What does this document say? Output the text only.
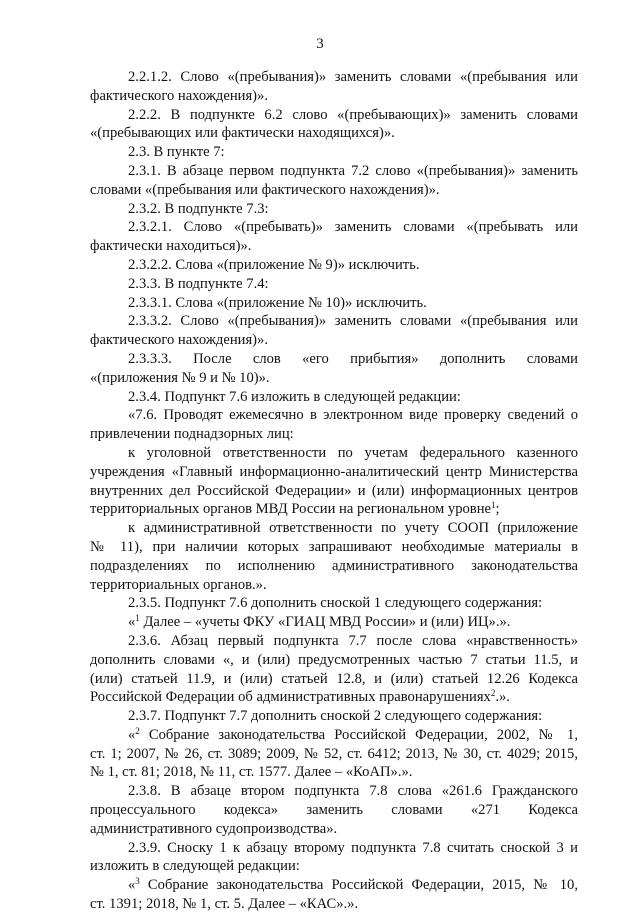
3
2.2.1.2. Слово «(пребывания)» заменить словами «(пребывания или
фактического нахождения)».
2.2.2. В подпункте 6.2 слово «(пребывающих)» заменить словами
«(пребывающих или фактически находящихся)».
2.3. В пункте 7:
2.3.1. В абзаце первом подпункта 7.2 слово «(пребывания)» заменить
словами «(пребывания или фактического нахождения)».
2.3.2. В подпункте 7.3:
2.3.2.1. Слово «(пребывать)» заменить словами «(пребывать или
фактически находиться)».
2.3.2.2. Слова «(приложение № 9)» исключить.
2.3.3. В подпункте 7.4:
2.3.3.1. Слова «(приложение № 10)» исключить.
2.3.3.2. Слово «(пребывания)» заменить словами «(пребывания или
фактического нахождения)».
2.3.3.3. После слов «его прибытия» дополнить словами
«(приложения № 9 и № 10)».
2.3.4. Подпункт 7.6 изложить в следующей редакции:
«7.6. Проводят ежемесячно в электронном виде проверку сведений о
привлечении поднадзорных лиц:
к уголовной ответственности по учетам федерального казенного
учреждения «Главный информационно-аналитический центр Министерства
внутренних дел Российской Федерации» и (или) информационных центров
территориальных органов МВД России на региональном уровне$^1$;
к административной ответственности по учету СООП (приложение
№ 11), при наличии которых запрашивают необходимые материалы в
подразделениях по исполнению административного законодательства
территориальных органов.».
2.3.5. Подпункт 7.6 дополнить сноской 1 следующего содержания:
«$^1$ Далее – «учеты ФКУ «ГИАЦ МВД России» и (или) ИЦ».».
2.3.6. Абзац первый подпункта 7.7 после слова «нравственность»
дополнить словами «, и (или) предусмотренных частью 7 статьи 11.5, и
(или) статьей 11.9, и (или) статьей 12.8, и (или) статьей 12.26 Кодекса
Российской Федерации об административных правонарушениях$^2$.».
2.3.7. Подпункт 7.7 дополнить сноской 2 следующего содержания:
«$^2$ Собрание законодательства Российской Федерации, 2002, № 1,
ст. 1; 2007, № 26, ст. 3089; 2009, № 52, ст. 6412; 2013, № 30, ст. 4029; 2015,
№ 1, ст. 81; 2018, № 11, ст. 1577. Далее – «КоАП».».
2.3.8. В абзаце втором подпункта 7.8 слова «261.6 Гражданского
процессуального кодекса» заменить словами «271 Кодекса
административного судопроизводства».
2.3.9. Сноску 1 к абзацу второму подпункта 7.8 считать сноской 3 и
изложить в следующей редакции:
«$^3$ Собрание законодательства Российской Федерации, 2015, № 10,
ст. 1391; 2018, № 1, ст. 5. Далее – «КАС».».
